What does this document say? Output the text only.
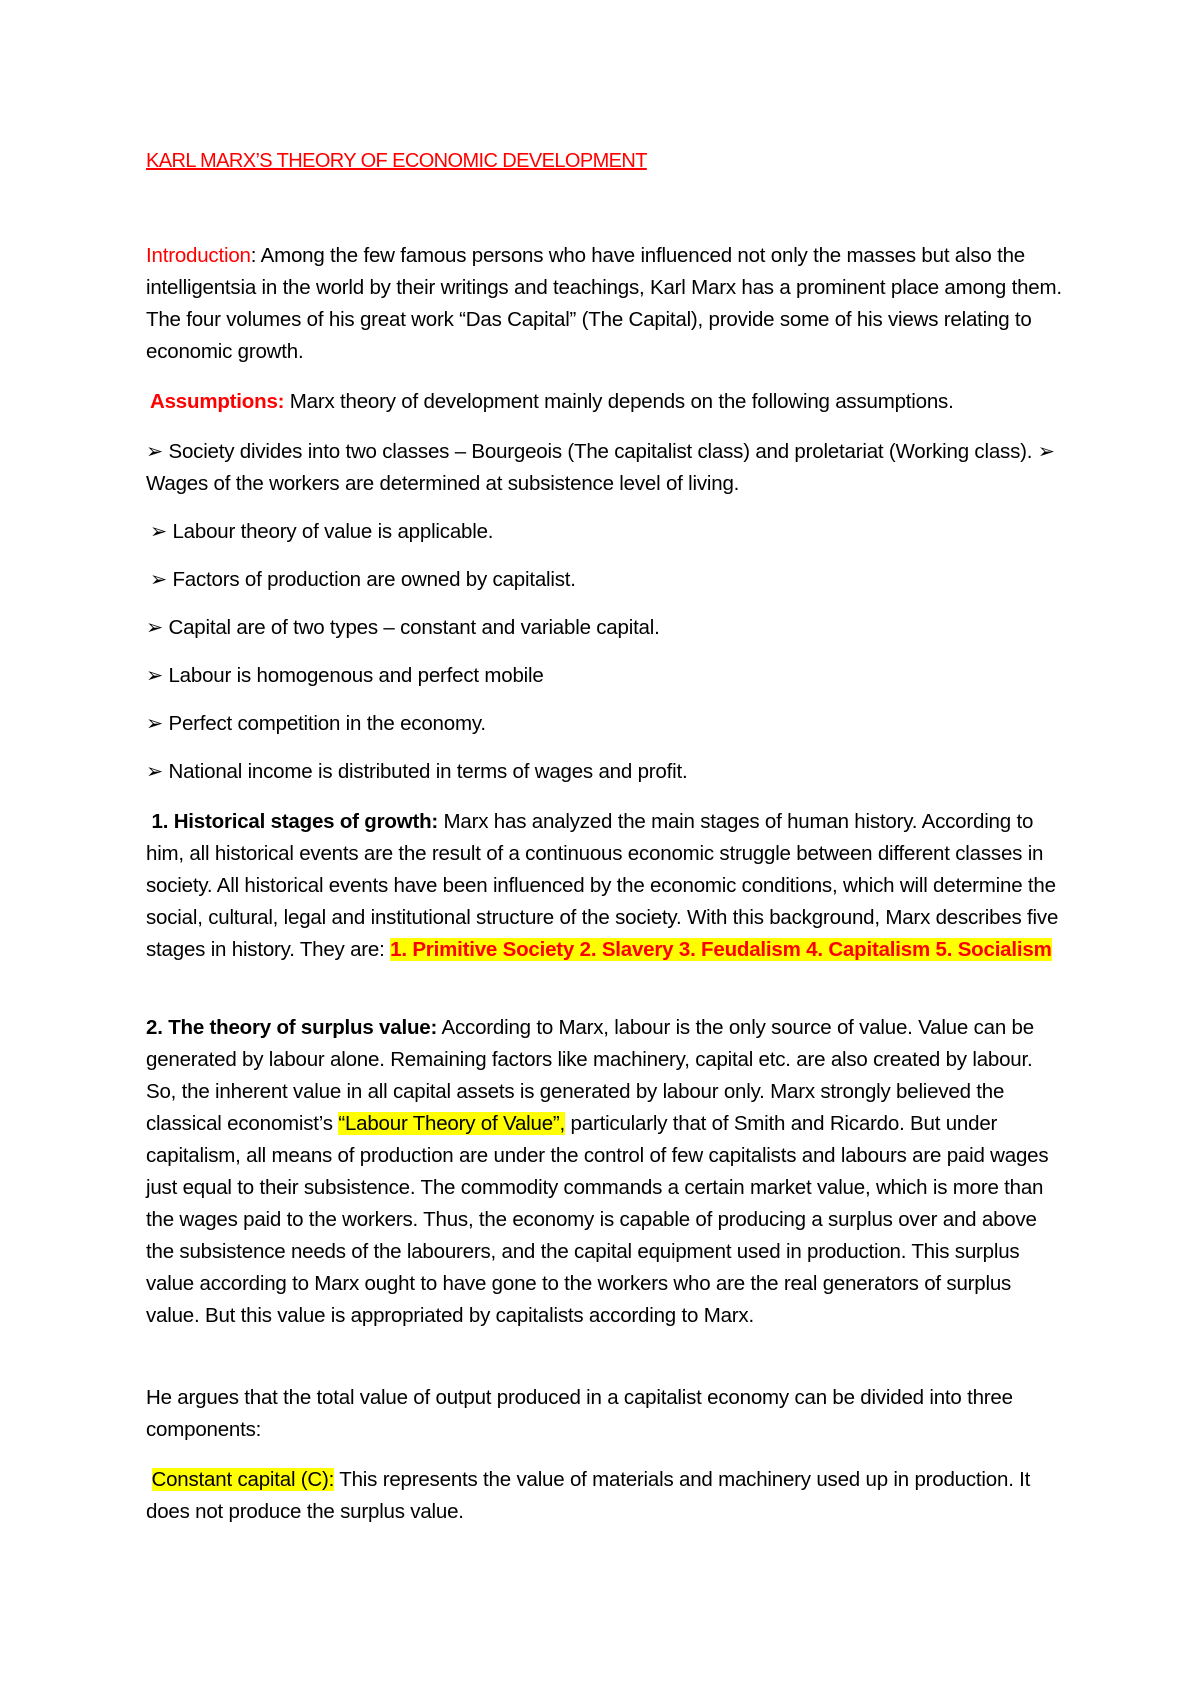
KARL MARX’S THEORY OF ECONOMIC DEVELOPMENT

Introduction: Among the few famous persons who have influenced not only the masses but also the intelligentsia in the world by their writings and teachings, Karl Marx has a prominent place among them. The four volumes of his great work “Das Capital” (The Capital), provide some of his views relating to economic growth.

Assumptions: Marx theory of development mainly depends on the following assumptions.

➢ Society divides into two classes – Bourgeois (The capitalist class) and proletariat (Working class). ➢ Wages of the workers are determined at subsistence level of living.

➢ Labour theory of value is applicable.
➢ Factors of production are owned by capitalist.
➢ Capital are of two types – constant and variable capital.
➢ Labour is homogenous and perfect mobile
➢ Perfect competition in the economy.
➢ National income is distributed in terms of wages and profit.

1. Historical stages of growth: Marx has analyzed the main stages of human history. According to him, all historical events are the result of a continuous economic struggle between different classes in society. All historical events have been influenced by the economic conditions, which will determine the social, cultural, legal and institutional structure of the society. With this background, Marx describes five stages in history. They are: 1. Primitive Society 2. Slavery 3. Feudalism 4. Capitalism 5. Socialism

2. The theory of surplus value: According to Marx, labour is the only source of value. Value can be generated by labour alone. Remaining factors like machinery, capital etc. are also created by labour. So, the inherent value in all capital assets is generated by labour only. Marx strongly believed the classical economist’s “Labour Theory of Value”, particularly that of Smith and Ricardo. But under capitalism, all means of production are under the control of few capitalists and labours are paid wages just equal to their subsistence. The commodity commands a certain market value, which is more than the wages paid to the workers. Thus, the economy is capable of producing a surplus over and above the subsistence needs of the labourers, and the capital equipment used in production. This surplus value according to Marx ought to have gone to the workers who are the real generators of surplus value. But this value is appropriated by capitalists according to Marx.

He argues that the total value of output produced in a capitalist economy can be divided into three components:

Constant capital (C): This represents the value of materials and machinery used up in production. It does not produce the surplus value.
